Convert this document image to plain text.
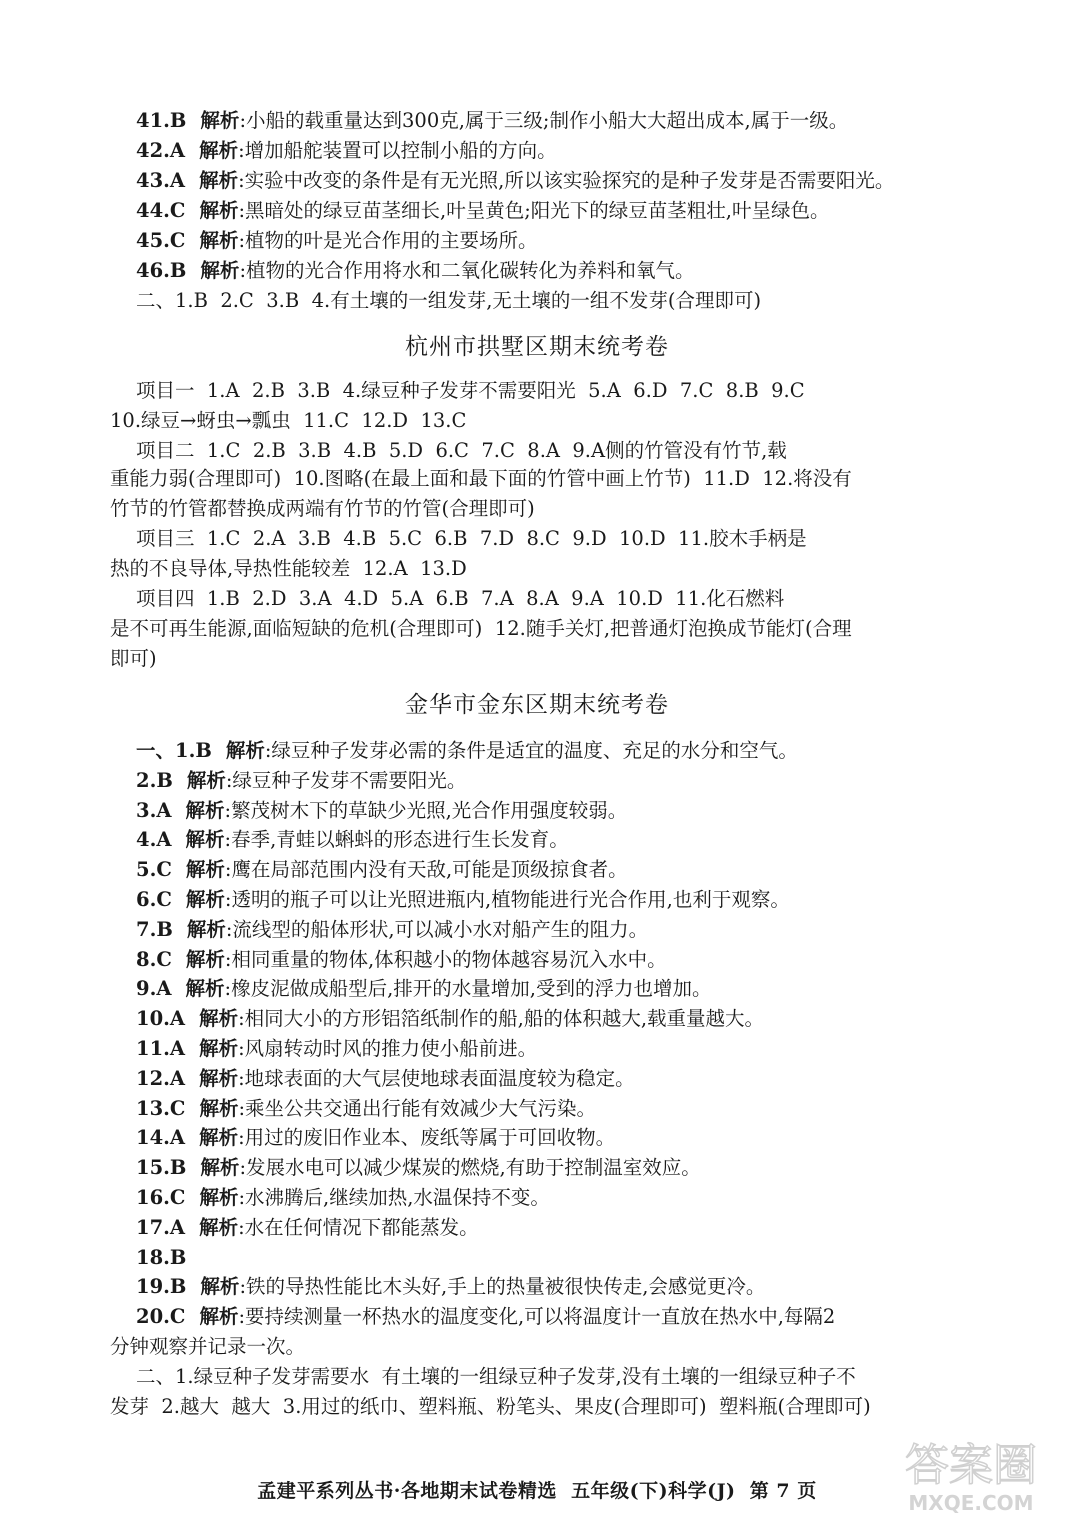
41.B 解析:小船的载重量达到300克,属于三级;制作小船大大超出成本,属于一级。
42.A 解析:增加船舵装置可以控制小船的方向。
43.A 解析:实验中改变的条件是有无光照,所以该实验探究的是种子发芽是否需要阳光。
44.C 解析:黑暗处的绿豆苗茎细长,叶呈黄色;阳光下的绿豆苗茎粗壮,叶呈绿色。
45.C 解析:植物的叶是光合作用的主要场所。
46.B 解析:植物的光合作用将水和二氧化碳转化为养料和氧气。
二、1.B  2.C  3.B  4.有土壤的一组发芽,无土壤的一组不发芽(合理即可)
杭州市拱墅区期末统考卷
项目一  1.A  2.B  3.B  4.绿豆种子发芽不需要阳光  5.A  6.D  7.C  8.B  9.C
10.绿豆→蚜虫→瓢虫  11.C  12.D  13.C
项目二  1.C  2.B  3.B  4.B  5.D  6.C  7.C  8.A  9.A侧的竹管没有竹节,载
重能力弱(合理即可)  10.图略(在最上面和最下面的竹管中画上竹节)  11.D  12.将没有
竹节的竹管都替换成两端有竹节的竹管(合理即可)
项目三  1.C  2.A  3.B  4.B  5.C  6.B  7.D  8.C  9.D  10.D  11.胶木手柄是
热的不良导体,导热性能较差  12.A  13.D
项目四  1.B  2.D  3.A  4.D  5.A  6.B  7.A  8.A  9.A  10.D  11.化石燃料
是不可再生能源,面临短缺的危机(合理即可)  12.随手关灯,把普通灯泡换成节能灯(合理
即可)
金华市金东区期末统考卷
一、1.B 解析:绿豆种子发芽必需的条件是适宜的温度、充足的水分和空气。
2.B 解析:绿豆种子发芽不需要阳光。
3.A 解析:繁茂树木下的草缺少光照,光合作用强度较弱。
4.A 解析:春季,青蛙以蝌蚪的形态进行生长发育。
5.C 解析:鹰在局部范围内没有天敌,可能是顶级掠食者。
6.C 解析:透明的瓶子可以让光照进瓶内,植物能进行光合作用,也利于观察。
7.B 解析:流线型的船体形状,可以减小水对船产生的阻力。
8.C 解析:相同重量的物体,体积越小的物体越容易沉入水中。
9.A 解析:橡皮泥做成船型后,排开的水量增加,受到的浮力也增加。
10.A 解析:相同大小的方形铝箔纸制作的船,船的体积越大,载重量越大。
11.A 解析:风扇转动时风的推力使小船前进。
12.A 解析:地球表面的大气层使地球表面温度较为稳定。
13.C 解析:乘坐公共交通出行能有效减少大气污染。
14.A 解析:用过的废旧作业本、废纸等属于可回收物。
15.B 解析:发展水电可以减少煤炭的燃烧,有助于控制温室效应。
16.C 解析:水沸腾后,继续加热,水温保持不变。
17.A 解析:水在任何情况下都能蒸发。
18.B
19.B 解析:铁的导热性能比木头好,手上的热量被很快传走,会感觉更冷。
20.C 解析:要持续测量一杯热水的温度变化,可以将温度计一直放在热水中,每隔2
分钟观察并记录一次。
二、1.绿豆种子发芽需要水  有土壤的一组绿豆种子发芽,没有土壤的一组绿豆种子不
发芽  2.越大  越大  3.用过的纸巾、塑料瓶、粉笔头、果皮(合理即可)  塑料瓶(合理即可)
孟建平系列丛书·各地期末试卷精选  五年级(下)科学(J)  第 7 页	答案圈
MXQE.COM
